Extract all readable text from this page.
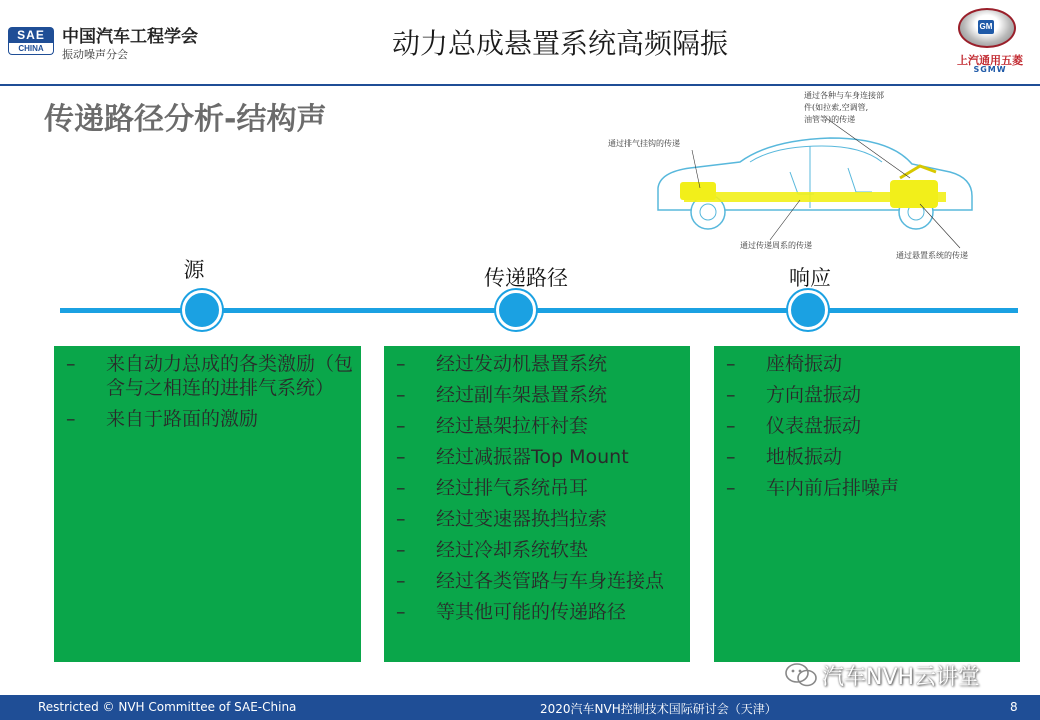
SAE
CHINA
中国汽车工程学会
振动噪声分会	动力总成悬置系统高频隔振
GM
上汽通用五菱
SGMW
传递路径分析-结构声
通过各种与车身连接部
件(如拉索,空调管,
油管等)的传递
通过排气挂钩的传递
通过传递周系的传递
通过悬置系统的传递
源	传递路径	响应
– 来自动力总成的各类激励（包含与之相连的进排气系统）
– 来自于路面的激励
– 经过发动机悬置系统
– 经过副车架悬置系统
– 经过悬架拉杆衬套
– 经过减振器Top Mount
– 经过排气系统吊耳
– 经过变速器换挡拉索
– 经过冷却系统软垫
– 经过各类管路与车身连接点
– 等其他可能的传递路径
– 座椅振动
– 方向盘振动
– 仪表盘振动
– 地板振动
– 车内前后排噪声
汽车NVH云讲堂
Restricted © NVH Committee of SAE-China	2020汽车NVH控制技术国际研讨会（天津）	8
